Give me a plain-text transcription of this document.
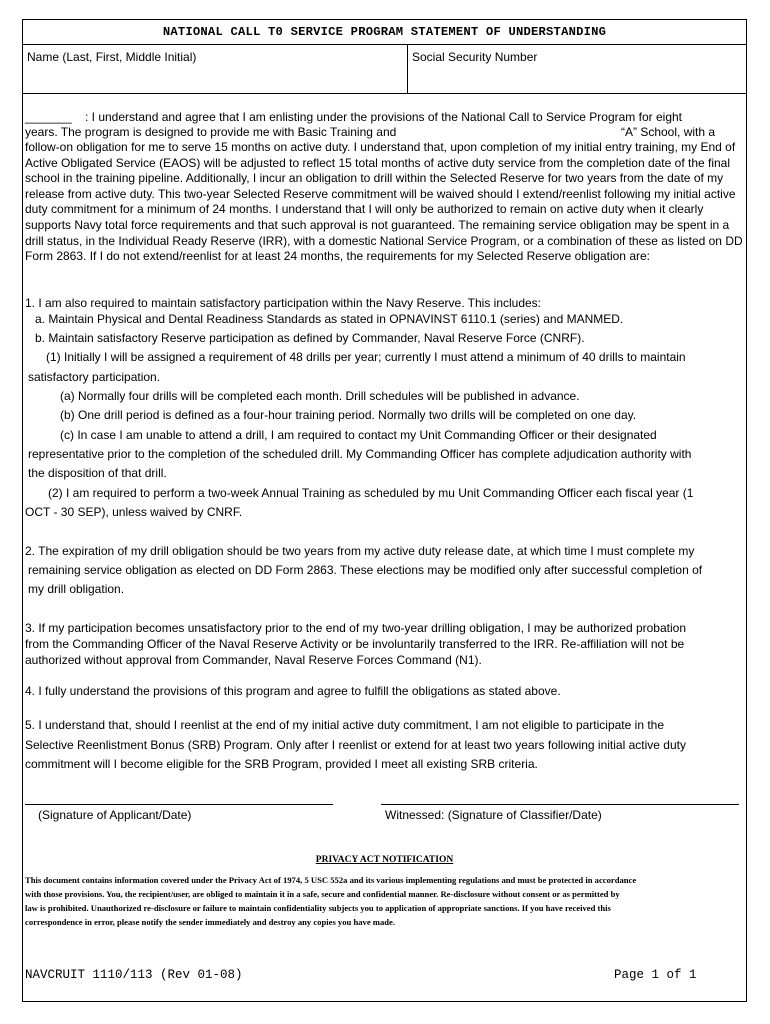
NATIONAL CALL T0 SERVICE PROGRAM STATEMENT OF UNDERSTANDING
Name (Last, First, Middle Initial)	Social Security Number
_______ : I understand and agree that I am enlisting under the provisions of the National Call to Service Program for eight
years. The program is designed to provide me with Basic Training and	“A” School, with a
follow-on obligation for me to serve 15 months on active duty. I understand that, upon completion of my initial entry training, my End of Active Obligated Service (EAOS) will be adjusted to reflect 15 total months of active duty service from the completion date of the final school in the training pipeline. Additionally, I incur an obligation to drill within the Selected Reserve for two years from the date of my release from active duty. This two-year Selected Reserve commitment will be waived should I extend/reenlist following my initial active duty commitment for a minimum of 24 months. I understand that I will only be authorized to remain on active duty when it clearly supports Navy total force requirements and that such approval is not guaranteed. The remaining service obligation may be spent in a drill status, in the Individual Ready Reserve (IRR), with a domestic National Service Program, or a combination of these as listed on DD Form 2863. If I do not extend/reenlist for at least 24 months, the requirements for my Selected Reserve obligation are:
1. I am also required to maintain satisfactory participation within the Navy Reserve. This includes:
a. Maintain Physical and Dental Readiness Standards as stated in OPNAVINST 6110.1 (series) and MANMED.
b. Maintain satisfactory Reserve participation as defined by Commander, Naval Reserve Force (CNRF).
(1) Initially I will be assigned a requirement of 48 drills per year; currently I must attend a minimum of 40 drills to maintain
satisfactory participation.
(a) Normally four drills will be completed each month. Drill schedules will be published in advance.
(b) One drill period is defined as a four-hour training period. Normally two drills will be completed on one day.
(c) In case I am unable to attend a drill, I am required to contact my Unit Commanding Officer or their designated
representative prior to the completion of the scheduled drill. My Commanding Officer has complete adjudication authority with
the disposition of that drill.
(2) I am required to perform a two-week Annual Training as scheduled by mu Unit Commanding Officer each fiscal year (1
OCT - 30 SEP), unless waived by CNRF.
2. The expiration of my drill obligation should be two years from my active duty release date, at which time I must complete my
remaining service obligation as elected on DD Form 2863. These elections may be modified only after successful completion of
my drill obligation.
3. If my participation becomes unsatisfactory prior to the end of my two-year drilling obligation, I may be authorized probation
from the Commanding Officer of the Naval Reserve Activity or be involuntarily transferred to the IRR. Re-affiliation will not be
authorized without approval from Commander, Naval Reserve Forces Command (N1).
4. I fully understand the provisions of this program and agree to fulfill the obligations as stated above.
5. I understand that, should I reenlist at the end of my initial active duty commitment, I am not eligible to participate in the
Selective Reenlistment Bonus (SRB) Program. Only after I reenlist or extend for at least two years following initial active duty
commitment will I become eligible for the SRB Program, provided I meet all existing SRB criteria.
(Signature of Applicant/Date)	Witnessed: (Signature of Classifier/Date)
PRIVACY ACT NOTIFICATION
This document contains information covered under the Privacy Act of 1974, 5 USC 552a and its various implementing regulations and must be protected in accordance
with those provisions. You, the recipient/user, are obliged to maintain it in a safe, secure and confidential manner. Re-disclosure without consent or as permitted by
law is prohibited. Unauthorized re-disclosure or failure to maintain confidentiality subjects you to application of appropriate sanctions. If you have received this
correspondence in error, please notify the sender immediately and destroy any copies you have made.
NAVCRUIT 1110/113 (Rev 01-08)	Page 1 of 1
